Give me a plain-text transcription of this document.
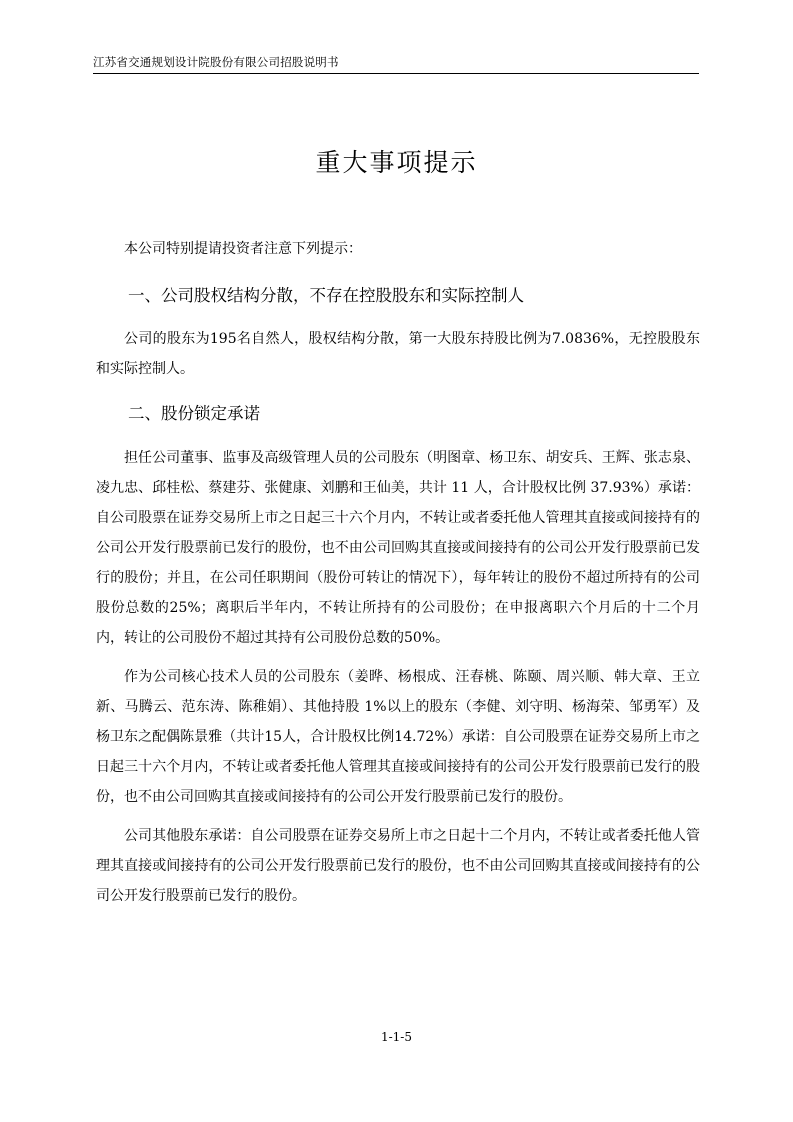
江苏省交通规划设计院股份有限公司招股说明书
重大事项提示

本公司特别提请投资者注意下列提示：

一、公司股权结构分散，不存在控股股东和实际控制人

公司的股东为195名自然人，股权结构分散，第一大股东持股比例为7.0836%，无控股股东和实际控制人。

二、股份锁定承诺

担任公司董事、监事及高级管理人员的公司股东（明图章、杨卫东、胡安兵、王辉、张志泉、凌九忠、邱桂松、蔡建芬、张健康、刘鹏和王仙美，共计 11 人，合计股权比例 37.93%）承诺：自公司股票在证券交易所上市之日起三十六个月内，不转让或者委托他人管理其直接或间接持有的公司公开发行股票前已发行的股份，也不由公司回购其直接或间接持有的公司公开发行股票前已发行的股份；并且，在公司任职期间（股份可转让的情况下），每年转让的股份不超过所持有的公司股份总数的25%；离职后半年内，不转让所持有的公司股份；在申报离职六个月后的十二个月内，转让的公司股份不超过其持有公司股份总数的50%。

作为公司核心技术人员的公司股东（姜晔、杨根成、汪春桃、陈颐、周兴顺、韩大章、王立新、马腾云、范东涛、陈稚娟）、其他持股 1%以上的股东（李健、刘守明、杨海荣、邹勇军）及杨卫东之配偶陈景雅（共计15人，合计股权比例14.72%）承诺：自公司股票在证券交易所上市之日起三十六个月内，不转让或者委托他人管理其直接或间接持有的公司公开发行股票前已发行的股份，也不由公司回购其直接或间接持有的公司公开发行股票前已发行的股份。

公司其他股东承诺：自公司股票在证券交易所上市之日起十二个月内，不转让或者委托他人管理其直接或间接持有的公司公开发行股票前已发行的股份，也不由公司回购其直接或间接持有的公司公开发行股票前已发行的股份。

1-1-5
